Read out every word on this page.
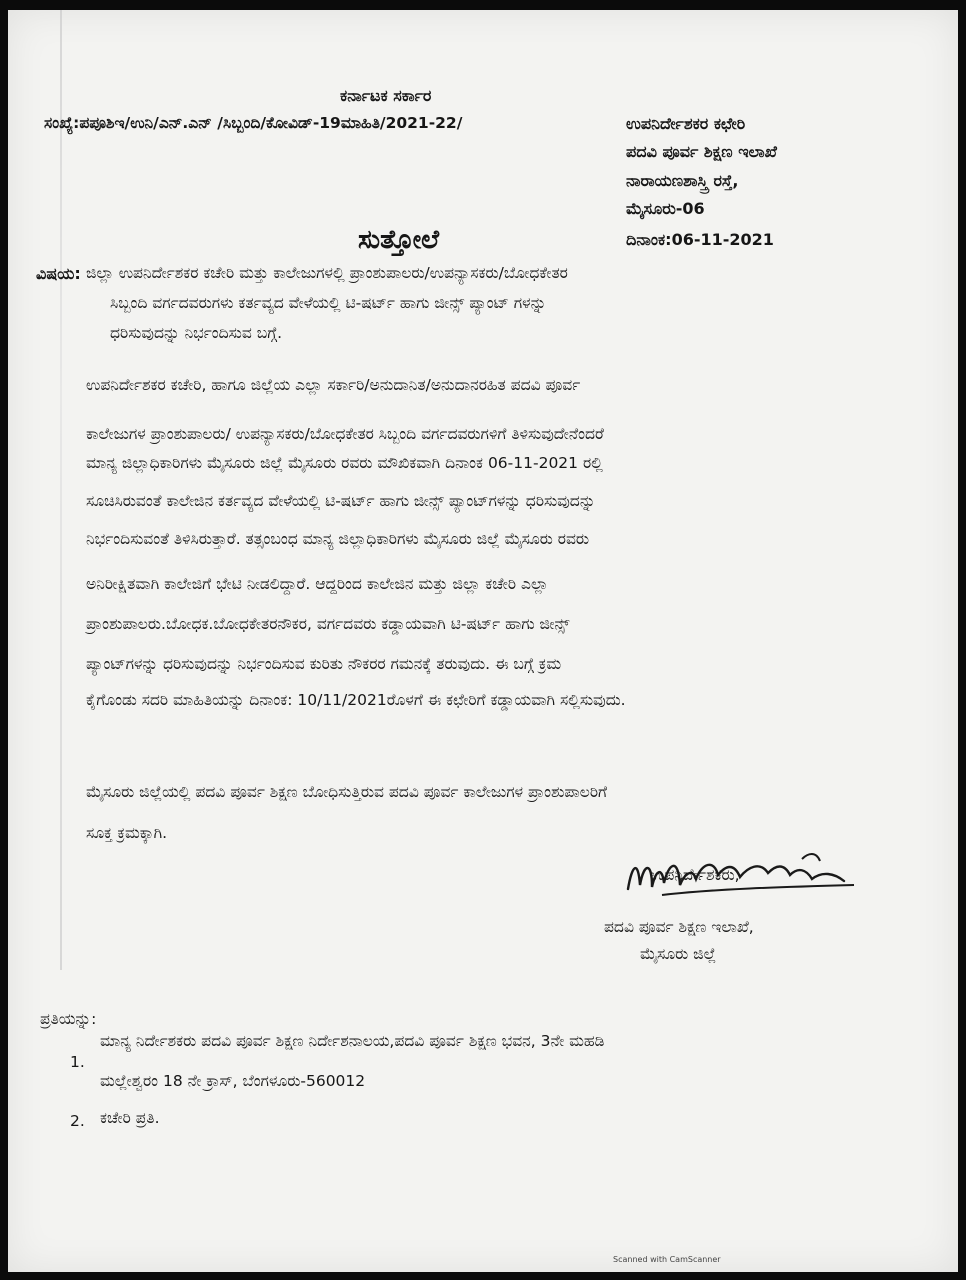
ಕರ್ನಾಟಕ ಸರ್ಕಾರ
ಸಂಖ್ಯೆ:ಪಪೂಶಿಇ/ಉನಿ/ಎನ್.ಎನ್ /ಸಿಬ್ಬಂದಿ/ಕೋವಿಡ್-19ಮಾಹಿತಿ/2021-22/	ಉಪನಿರ್ದೇಶಕರ ಕಛೇರಿ
ಪದವಿ ಪೂರ್ವ ಶಿಕ್ಷಣ ಇಲಾಖೆ
ನಾರಾಯಣಶಾಸ್ತ್ರಿ ರಸ್ತೆ,
ಮೈಸೂರು-06
ಸುತ್ತೋಲೆ	ದಿನಾಂಕ:06-11-2021
ವಿಷಯ: ಜಿಲ್ಲಾ ಉಪನಿರ್ದೇಶಕರ ಕಚೇರಿ ಮತ್ತು ಕಾಲೇಜುಗಳಲ್ಲಿ ಪ್ರಾಂಶುಪಾಲರು/ಉಪನ್ಯಾಸಕರು/ಬೋಧಕೇತರ
ಸಿಬ್ಬಂದಿ ವರ್ಗದವರುಗಳು ಕರ್ತವ್ಯದ ವೇಳೆಯಲ್ಲಿ ಟಿ-ಷರ್ಟ್ ಹಾಗು ಜೀನ್ಸ್ ಪ್ಯಾಂಟ್ ಗಳನ್ನು
ಧರಿಸುವುದನ್ನು ನಿರ್ಭಂದಿಸುವ ಬಗ್ಗೆ.
ಉಪನಿರ್ದೇಶಕರ ಕಚೇರಿ, ಹಾಗೂ ಜಿಲ್ಲೆಯ ಎಲ್ಲಾ ಸರ್ಕಾರಿ/ಅನುದಾನಿತ/ಅನುದಾನರಹಿತ ಪದವಿ ಪೂರ್ವ
ಕಾಲೇಜುಗಳ ಪ್ರಾಂಶುಪಾಲರು/ ಉಪನ್ಯಾಸಕರು/ಬೋಧಕೇತರ ಸಿಬ್ಬಂದಿ ವರ್ಗದವರುಗಳಿಗೆ ತಿಳಿಸುವುದೇನೆಂದರೆ
ಮಾನ್ಯ ಜಿಲ್ಲಾಧಿಕಾರಿಗಳು ಮೈಸೂರು ಜಿಲ್ಲೆ ಮೈಸೂರು ರವರು ಮೌಖಿಕವಾಗಿ ದಿನಾಂಕ 06-11-2021 ರಲ್ಲಿ
ಸೂಚಿಸಿರುವಂತೆ ಕಾಲೇಜಿನ ಕರ್ತವ್ಯದ ವೇಳೆಯಲ್ಲಿ ಟಿ-ಷರ್ಟ್ ಹಾಗು ಜೀನ್ಸ್ ಪ್ಯಾಂಟ್‌ಗಳನ್ನು ಧರಿಸುವುದನ್ನು
ನಿರ್ಭಂದಿಸುವಂತೆ ತಿಳಿಸಿರುತ್ತಾರೆ. ತತ್ಸಂಬಂಧ ಮಾನ್ಯ ಜಿಲ್ಲಾಧಿಕಾರಿಗಳು ಮೈಸೂರು ಜಿಲ್ಲೆ ಮೈಸೂರು ರವರು
ಅನಿರೀಕ್ಷಿತವಾಗಿ ಕಾಲೇಜಿಗೆ ಭೇಟಿ ನೀಡಲಿದ್ದಾರೆ. ಆದ್ದರಿಂದ ಕಾಲೇಜಿನ ಮತ್ತು ಜಿಲ್ಲಾ ಕಚೇರಿ ಎಲ್ಲಾ
ಪ್ರಾಂಶುಪಾಲರು.ಬೋಧಕ.ಬೋಧಕೇತರನೌಕರ, ವರ್ಗದವರು ಕಡ್ಡಾಯವಾಗಿ ಟಿ-ಷರ್ಟ್ ಹಾಗು ಜೀನ್ಸ್
ಪ್ಯಾಂಟ್‌ಗಳನ್ನು ಧರಿಸುವುದನ್ನು ನಿರ್ಭಂದಿಸುವ ಕುರಿತು ನೌಕರರ ಗಮನಕ್ಕೆ ತರುವುದು. ಈ ಬಗ್ಗೆ ಕ್ರಮ
ಕೈಗೊಂಡು ಸದರಿ ಮಾಹಿತಿಯನ್ನು ದಿನಾಂಕ: 10/11/2021ರೊಳಗೆ ಈ ಕಛೇರಿಗೆ ಕಡ್ಡಾಯವಾಗಿ ಸಲ್ಲಿಸುವುದು.
ಮೈಸೂರು ಜಿಲ್ಲೆಯಲ್ಲಿ ಪದವಿ ಪೂರ್ವ ಶಿಕ್ಷಣ ಬೋಧಿಸುತ್ತಿರುವ ಪದವಿ ಪೂರ್ವ ಕಾಲೇಜುಗಳ ಪ್ರಾಂಶುಪಾಲರಿಗೆ
ಸೂಕ್ತ ಕ್ರಮಕ್ಕಾಗಿ.
ಉಪನಿರ್ದೇಶಕರು,
ಪದವಿ ಪೂರ್ವ ಶಿಕ್ಷಣ ಇಲಾಖೆ,
ಮೈಸೂರು ಜಿಲ್ಲೆ
ಪ್ರತಿಯನ್ನು:
1.
ಮಾನ್ಯ ನಿರ್ದೇಶಕರು ಪದವಿ ಪೂರ್ವ ಶಿಕ್ಷಣ ನಿರ್ದೇಶನಾಲಯ,ಪದವಿ ಪೂರ್ವ ಶಿಕ್ಷಣ ಭವನ, 3ನೇ ಮಹಡಿ
ಮಲ್ಲೇಶ್ವರಂ 18 ನೇ ಕ್ರಾಸ್, ಬೆಂಗಳೂರು-560012
2. ಕಚೇರಿ ಪ್ರತಿ.
Scanned with CamScanner
